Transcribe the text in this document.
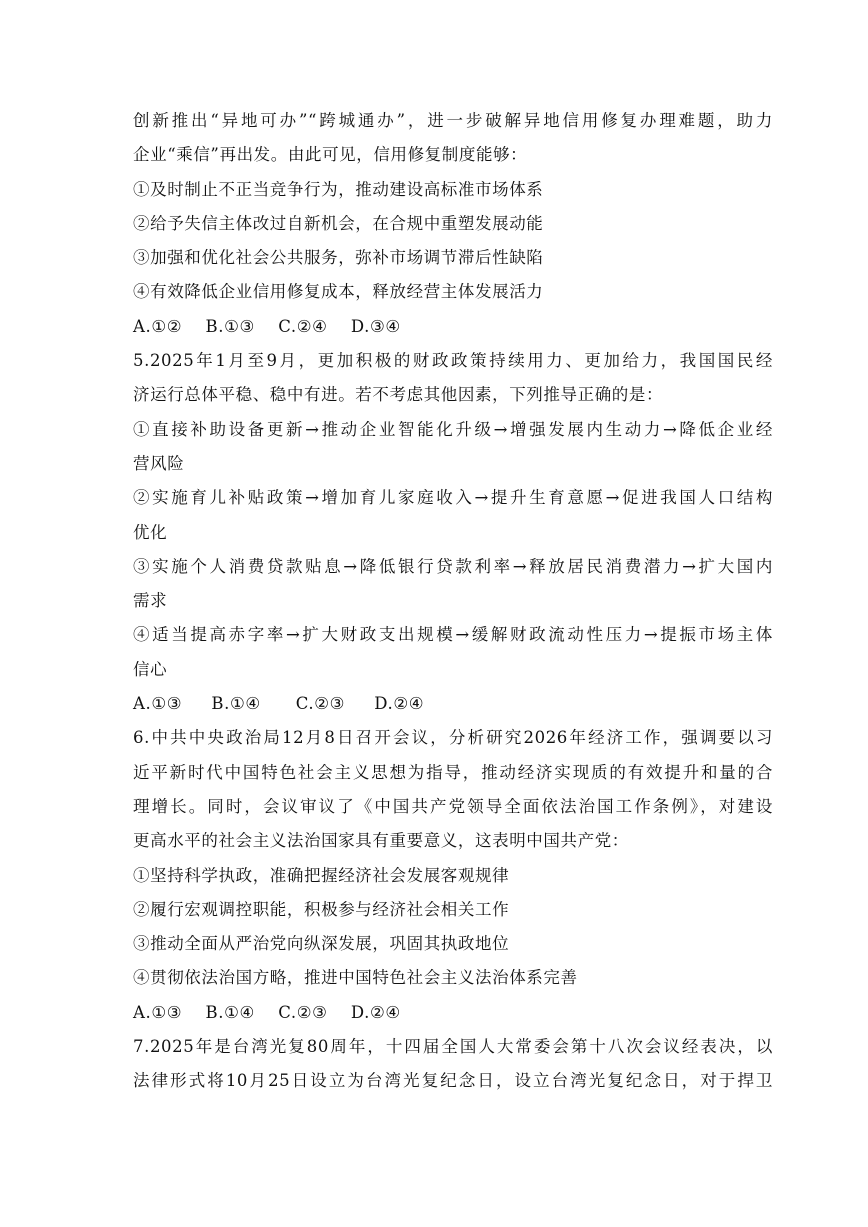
创新推出“异地可办”“跨城通办”，进一步破解异地信用修复办理难题，助力
企业“乘信”再出发。由此可见，信用修复制度能够：
①及时制止不正当竞争行为，推动建设高标准市场体系
②给予失信主体改过自新机会，在合规中重塑发展动能
③加强和优化社会公共服务，弥补市场调节滞后性缺陷
④有效降低企业信用修复成本，释放经营主体发展活力
A.①②    B.①③    C.②④    D.③④
5.2025年1月至9月，更加积极的财政政策持续用力、更加给力，我国国民经
济运行总体平稳、稳中有进。若不考虑其他因素，下列推导正确的是：
①直接补助设备更新→推动企业智能化升级→增强发展内生动力→降低企业经
营风险
②实施育儿补贴政策→增加育儿家庭收入→提升生育意愿→促进我国人口结构
优化
③实施个人消费贷款贴息→降低银行贷款利率→释放居民消费潜力→扩大国内
需求
④适当提高赤字率→扩大财政支出规模→缓解财政流动性压力→提振市场主体
信心
A.①③     B.①④      C.②③     D.②④
6.中共中央政治局12月8日召开会议，分析研究2026年经济工作，强调要以习
近平新时代中国特色社会主义思想为指导，推动经济实现质的有效提升和量的合
理增长。同时，会议审议了《中国共产党领导全面依法治国工作条例》，对建设
更高水平的社会主义法治国家具有重要意义，这表明中国共产党：
①坚持科学执政，准确把握经济社会发展客观规律
②履行宏观调控职能，积极参与经济社会相关工作
③推动全面从严治党向纵深发展，巩固其执政地位
④贯彻依法治国方略，推进中国特色社会主义法治体系完善
A.①③    B.①④    C.②③    D.②④
7.2025年是台湾光复80周年，十四届全国人大常委会第十八次会议经表决，以
法律形式将10月25日设立为台湾光复纪念日，设立台湾光复纪念日，对于捍卫
